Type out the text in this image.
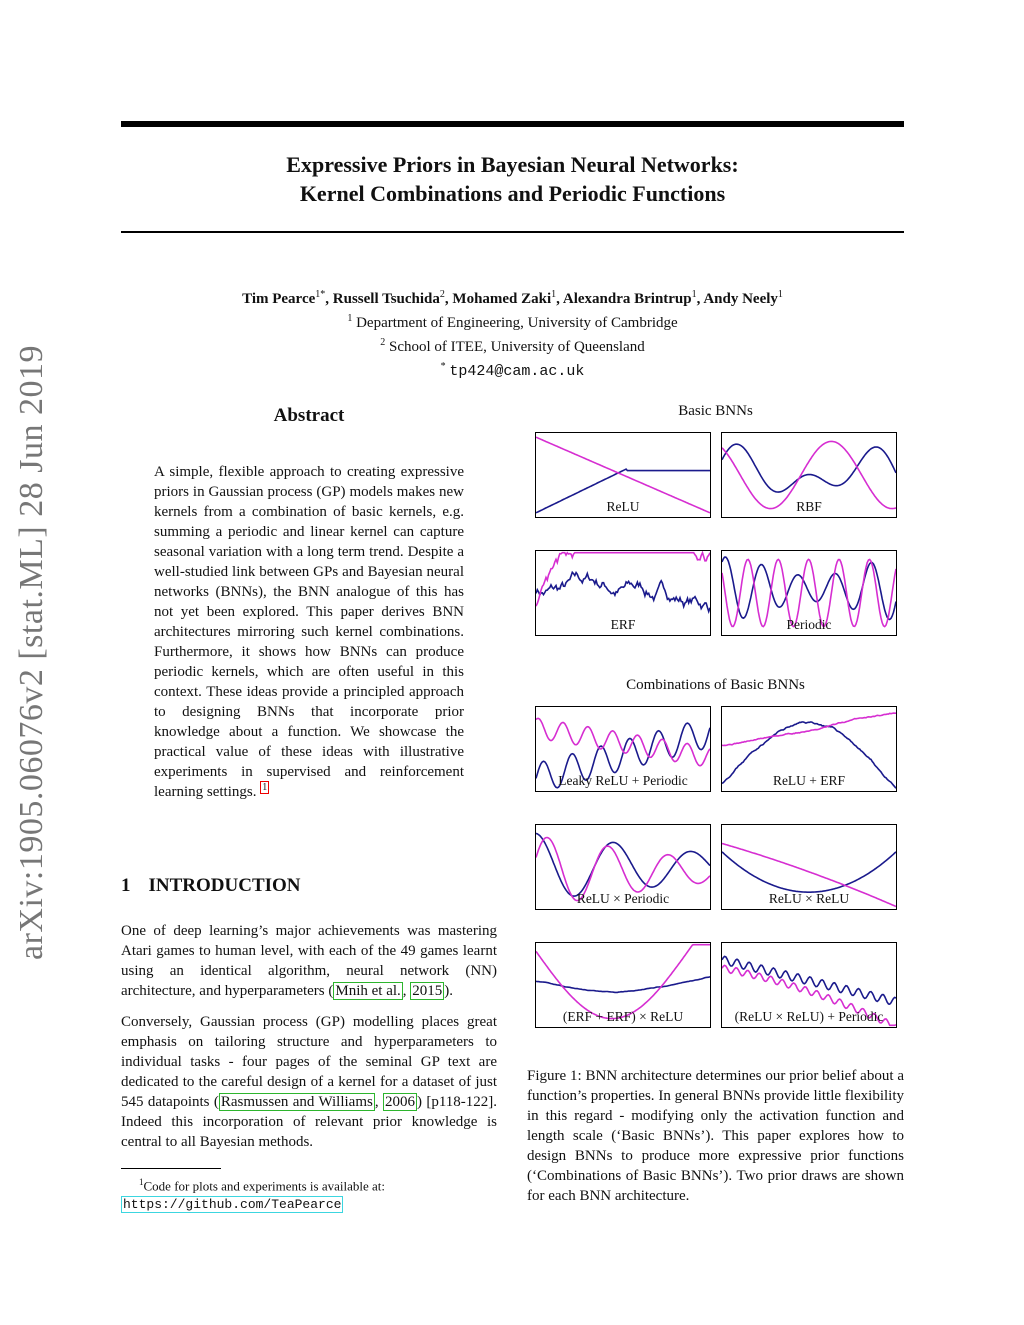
arXiv:1905.06076v2 [stat.ML] 28 Jun 2019
Expressive Priors in Bayesian Neural Networks:
Kernel Combinations and Periodic Functions
Tim Pearce$^{1*}$, Russell Tsuchida$^2$, Mohamed Zaki$^1$, Alexandra Brintrup$^1$, Andy Neely$^1$
$^1$ Department of Engineering, University of Cambridge
$^2$ School of ITEE, University of Queensland
* tp424@cam.ac.uk
Abstract
A simple, flexible approach to creating expressive priors in Gaussian process (GP) models makes new kernels from a combination of basic kernels, e.g. summing a periodic and linear kernel can capture seasonal variation with a long term trend. Despite a well-studied link between GPs and Bayesian neural networks (BNNs), the BNN analogue of this has not yet been explored. This paper derives BNN architectures mirroring such kernel combinations. Furthermore, it shows how BNNs can produce periodic kernels, which are often useful in this context. These ideas provide a principled approach to designing BNNs that incorporate prior knowledge about a function. We showcase the practical value of these ideas with illustrative experiments in supervised and reinforcement learning settings. $^1$
1 INTRODUCTION
One of deep learning’s major achievements was mastering Atari games to human level, with each of the 49 games learnt using an identical algorithm, neural network (NN) architecture, and hyperparameters ( Mnih et al. , 2015 ).
Conversely, Gaussian process (GP) modelling places great emphasis on tailoring structure and hyperparameters to individual tasks - four pages of the seminal GP text are dedicated to the careful design of a kernel for a dataset of just 545 datapoints ( Rasmussen and Williams , 2006 ) [p118-122]. Indeed this incorporation of relevant prior knowledge is central to all Bayesian methods.
$^1$Code for plots and experiments is available at:
https://github.com/TeaPearce
Basic BNNs
Combinations of Basic BNNs
ReLU	RBF
ERF	Periodic
Leaky ReLU + Periodic	ReLU + ERF
ReLU × Periodic	ReLU × ReLU
(ERF + ERF) × ReLU	(ReLU × ReLU) + Periodic
Figure 1: BNN architecture determines our prior belief about a function’s properties. In general BNNs provide little flexibility in this regard - modifying only the activation function and length scale (‘Basic BNNs’). This paper explores how to design BNNs to produce more expressive prior functions (‘Combinations of Basic BNNs’). Two prior draws are shown for each BNN architecture.
